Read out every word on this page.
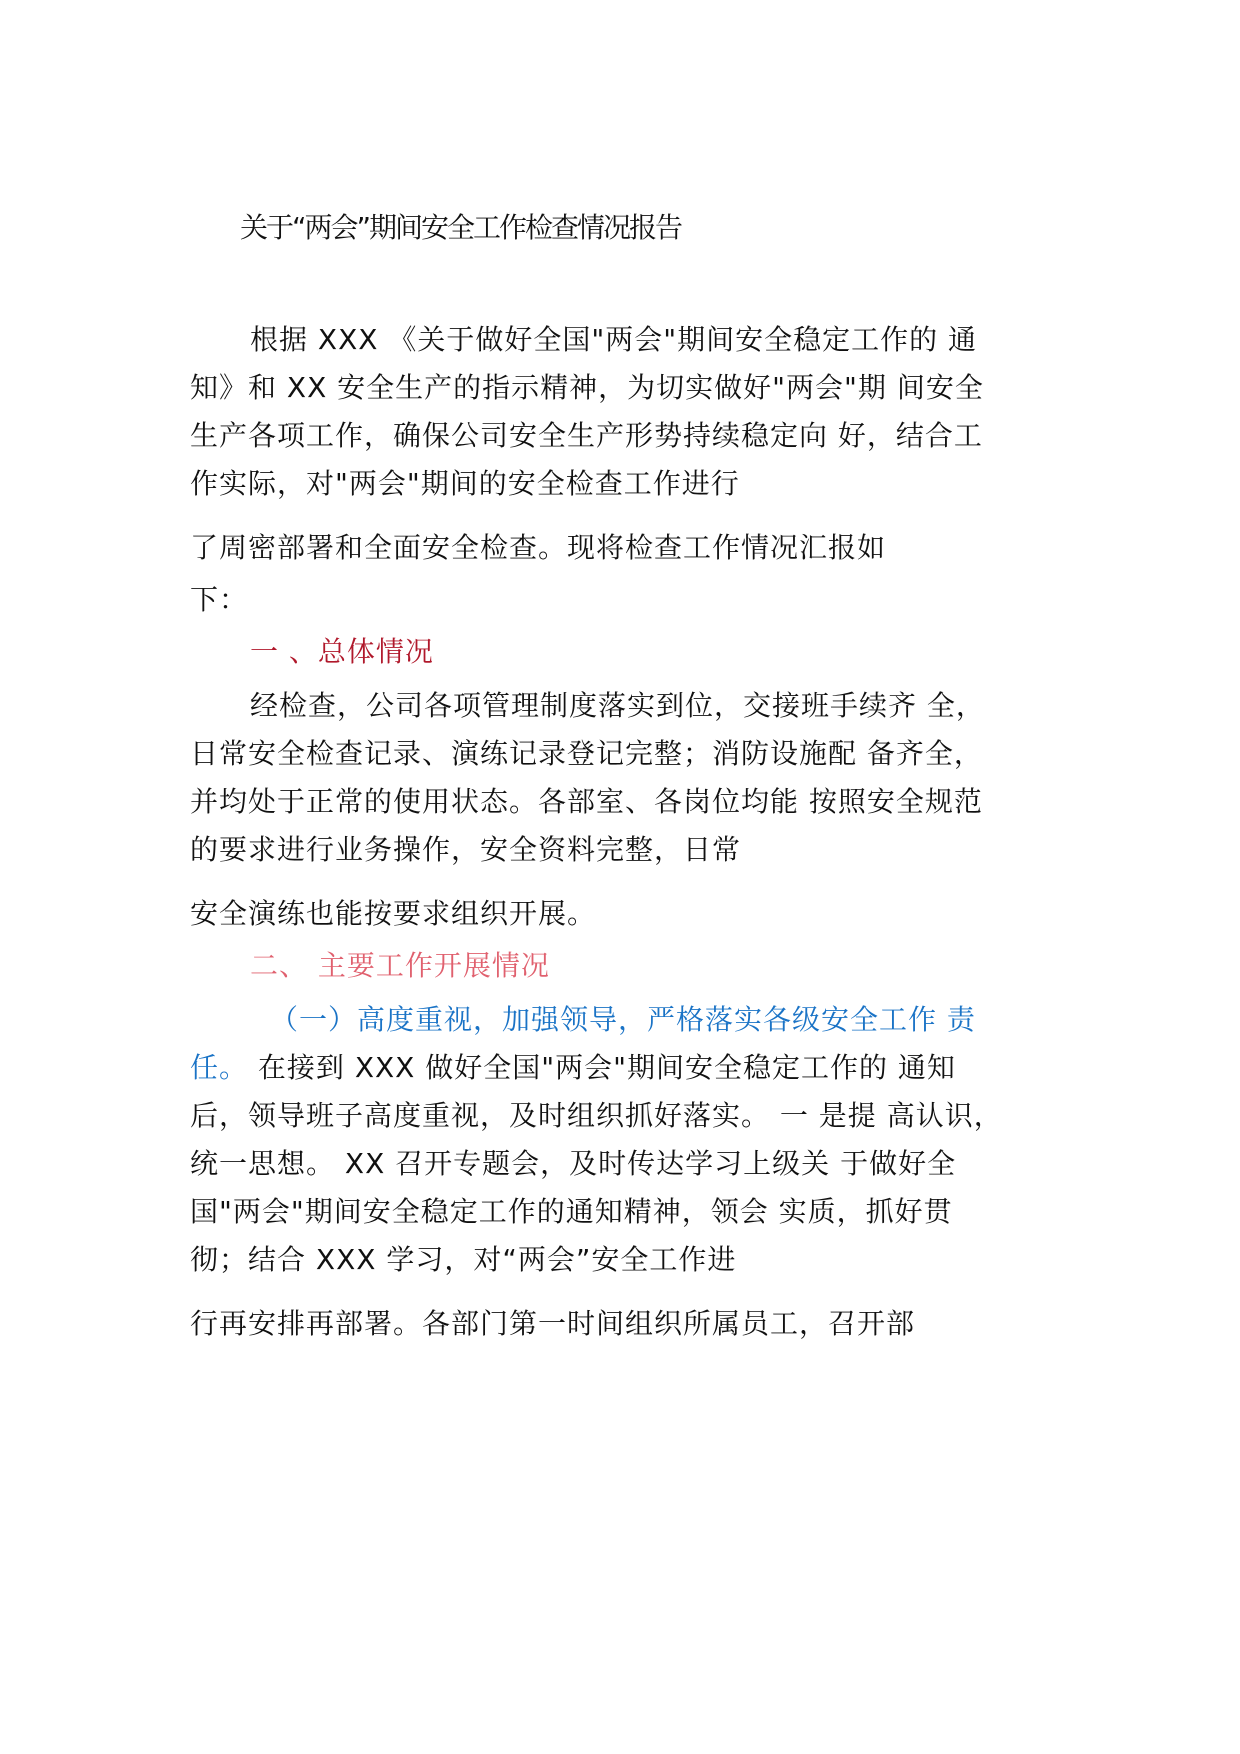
关于“两会”期间安全工作检查情况报告
根据 XXX 《关于做好全国"两会"期间安全稳定工作的 通
知》和 XX 安全生产的指示精神，为切实做好"两会"期 间安全
生产各项工作，确保公司安全生产形势持续稳定向 好，结合工
作实际，对"两会"期间的安全检查工作进行
了周密部署和全面安全检查。现将检查工作情况汇报如
下：
一 、总体情况
经检查，公司各项管理制度落实到位，交接班手续齐 全，
日常安全检查记录、演练记录登记完整；消防设施配 备齐全，
并均处于正常的使用状态。各部室、各岗位均能 按照安全规范
的要求进行业务操作，安全资料完整，日常
安全演练也能按要求组织开展。
二、 主要工作开展情况
（一）高度重视，加强领导，严格落实各级安全工作 责
任。 在接到 XXX 做好全国"两会"期间安全稳定工作的 通知
后，领导班子高度重视，及时组织抓好落实。 一 是提 高认识，
统一思想。 XX 召开专题会，及时传达学习上级关 于做好全
国"两会"期间安全稳定工作的通知精神，领会 实质，抓好贯
彻；结合 XXX 学习，对“两会”安全工作进
行再安排再部署。各部门第一时间组织所属员工，召开部
